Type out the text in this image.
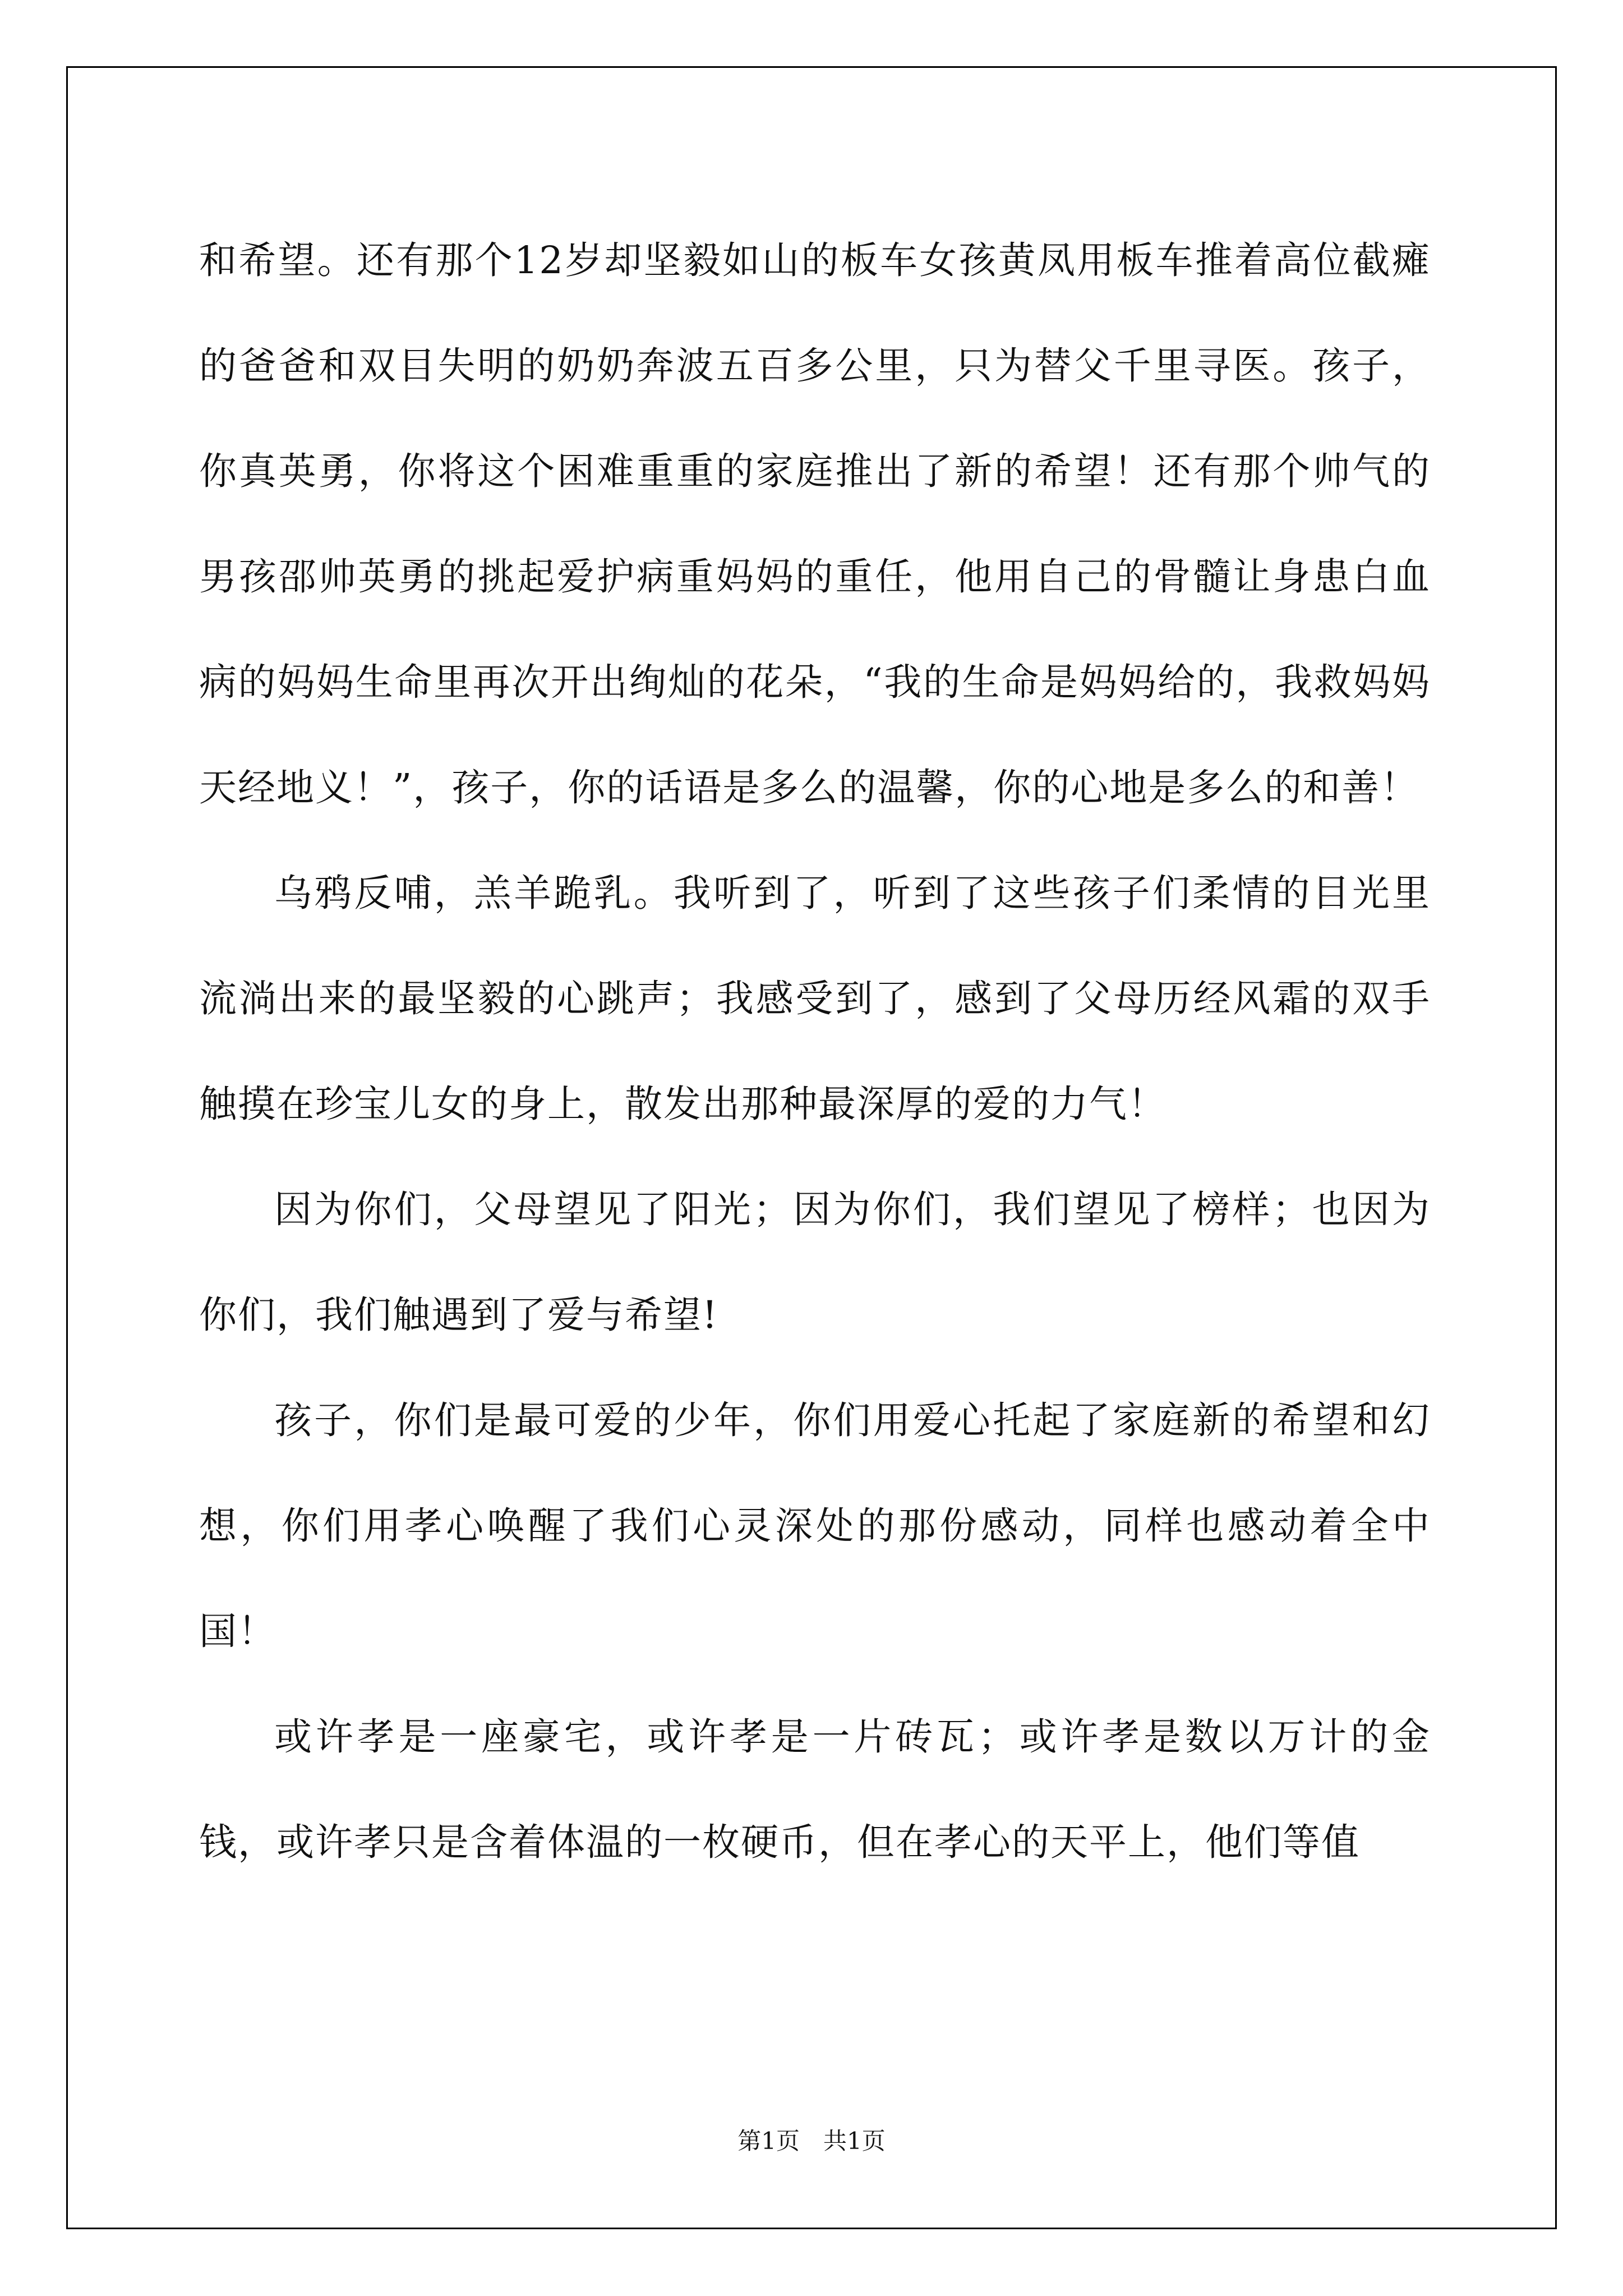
和希望。还有那个12岁却坚毅如山的板车女孩黄凤用板车推着高位截瘫的爸爸和双目失明的奶奶奔波五百多公里，只为替父千里寻医。孩子，你真英勇，你将这个困难重重的家庭推出了新的希望！还有那个帅气的男孩邵帅英勇的挑起爱护病重妈妈的重任，他用自己的骨髓让身患白血病的妈妈生命里再次开出绚灿的花朵，“我的生命是妈妈给的，我救妈妈天经地义！”，孩子，你的话语是多么的温馨，你的心地是多么的和善！

乌鸦反哺，羔羊跪乳。我听到了，听到了这些孩子们柔情的目光里流淌出来的最坚毅的心跳声；我感受到了，感到了父母历经风霜的双手触摸在珍宝儿女的身上，散发出那种最深厚的爱的力气！

因为你们，父母望见了阳光；因为你们，我们望见了榜样；也因为你们，我们触遇到了爱与希望!

孩子，你们是最可爱的少年，你们用爱心托起了家庭新的希望和幻想，你们用孝心唤醒了我们心灵深处的那份感动，同样也感动着全中国！

或许孝是一座豪宅，或许孝是一片砖瓦；或许孝是数以万计的金钱，或许孝只是含着体温的一枚硬币，但在孝心的天平上，他们等值

第1页 共1页
